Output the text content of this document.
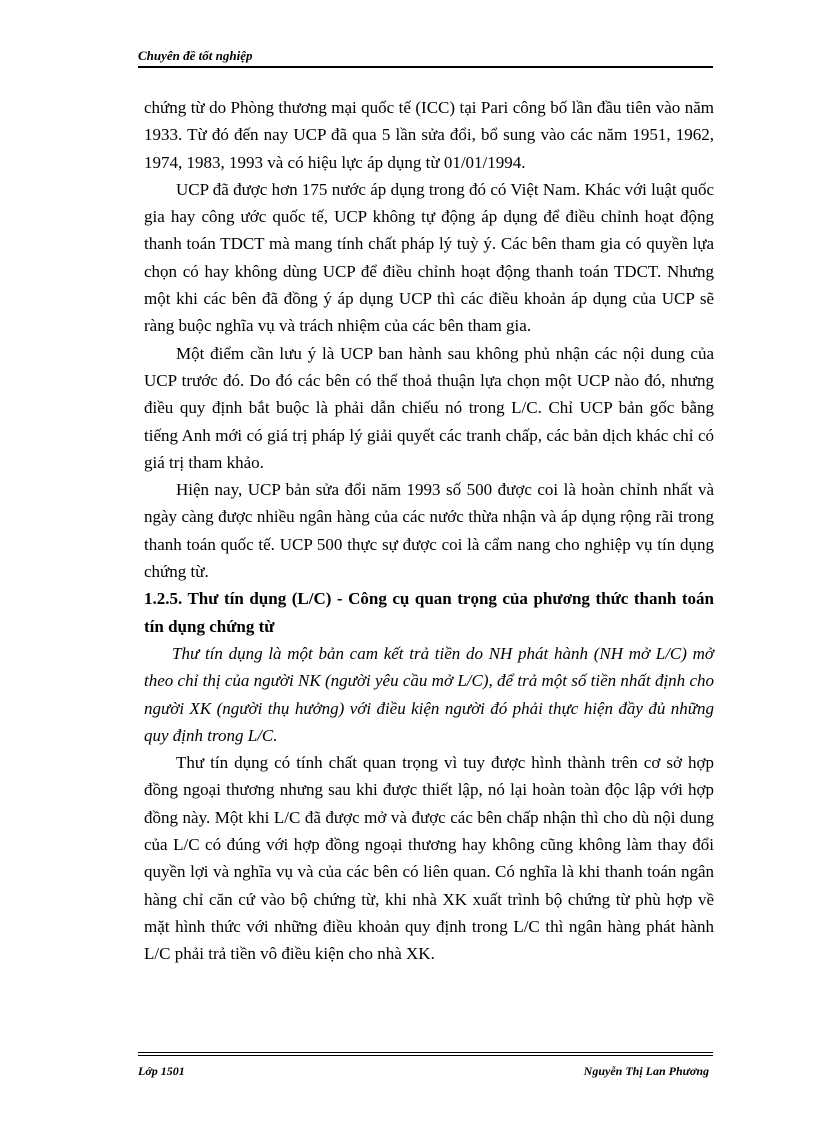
Chuyên đề tốt nghiệp

chứng từ do Phòng thương mại quốc tế (ICC) tại Pari công bố lần đầu tiên vào năm 1933. Từ đó đến nay UCP đã qua 5 lần sửa đổi, bổ sung vào các năm 1951, 1962, 1974, 1983, 1993 và có hiệu lực áp dụng từ 01/01/1994.

UCP đã được hơn 175 nước áp dụng trong đó có Việt Nam. Khác với luật quốc gia hay công ước quốc tế, UCP không tự động áp dụng để điều chỉnh hoạt động thanh toán TDCT mà mang tính chất pháp lý tuỳ ý. Các bên tham gia có quyền lựa chọn có hay không dùng UCP để điều chỉnh hoạt động thanh toán TDCT. Nhưng một khi các bên đã đồng ý áp dụng UCP thì các điều khoản áp dụng của UCP sẽ ràng buộc nghĩa vụ và trách nhiệm của các bên tham gia.

Một điểm cần lưu ý là UCP ban hành sau không phủ nhận các nội dung của UCP trước đó. Do đó các bên có thể thoả thuận lựa chọn một UCP nào đó, nhưng điều quy định bắt buộc là phải dẫn chiếu nó trong L/C. Chỉ UCP bản gốc bằng tiếng Anh mới có giá trị pháp lý giải quyết các tranh chấp, các bản dịch khác chỉ có giá trị tham khảo.

Hiện nay, UCP bản sửa đổi năm 1993 số 500 được coi là hoàn chỉnh nhất và ngày càng được nhiều ngân hàng của các nước thừa nhận và áp dụng rộng rãi trong thanh toán quốc tế. UCP 500 thực sự được coi là cẩm nang cho nghiệp vụ tín dụng chứng từ.

1.2.5. Thư tín dụng (L/C) - Công cụ quan trọng của phương thức thanh toán tín dụng chứng từ

Thư tín dụng là một bản cam kết trả tiền do NH phát hành (NH mở L/C) mở theo chỉ thị của người NK (người yêu cầu mở L/C), để trả một số tiền nhất định cho người XK (người thụ hưởng) với điều kiện người đó phải thực hiện đầy đủ những quy định trong L/C.

Thư tín dụng có tính chất quan trọng vì tuy được hình thành trên cơ sở hợp đồng ngoại thương nhưng sau khi được thiết lập, nó lại hoàn toàn độc lập với hợp đồng này. Một khi L/C đã được mở và được các bên chấp nhận thì cho dù nội dung của L/C có đúng với hợp đồng ngoại thương hay không cũng không làm thay đổi quyền lợi và nghĩa vụ và của các bên có liên quan. Có nghĩa là khi thanh toán ngân hàng chỉ căn cứ vào bộ chứng từ, khi nhà XK xuất trình bộ chứng từ phù hợp về mặt hình thức với những điều khoản quy định trong L/C thì ngân hàng phát hành L/C phải trả tiền vô điều kiện cho nhà XK.

Lớp 1501	Nguyễn Thị Lan Phương
